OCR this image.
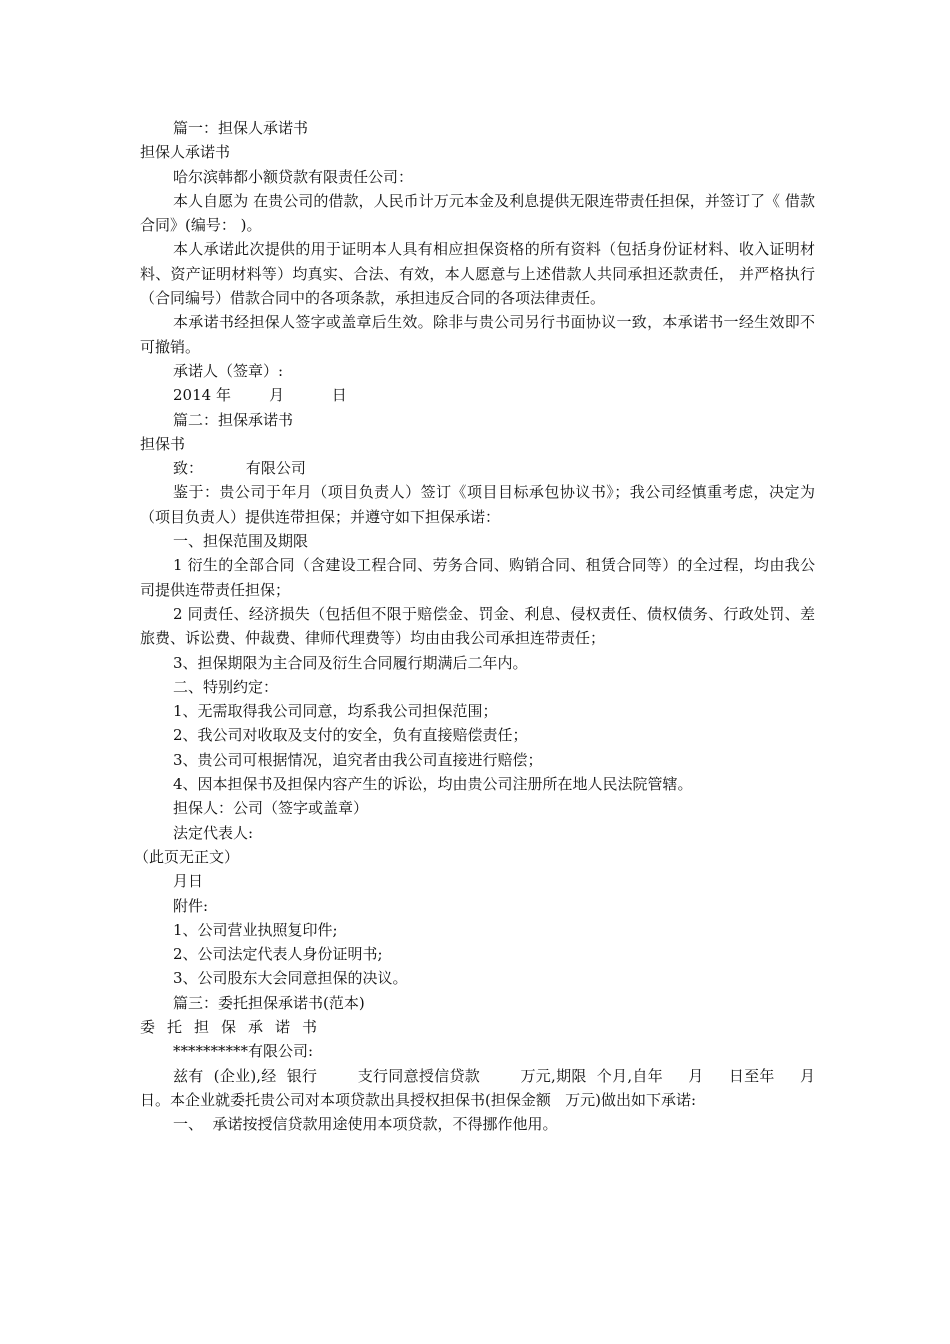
篇一：担保人承诺书
担保人承诺书
哈尔滨韩都小额贷款有限责任公司：
本人自愿为 在贵公司的借款，人民币计万元本金及利息提供无限连带责任担保，并签订了《 借款合同》(编号： )。
本人承诺此次提供的用于证明本人具有相应担保资格的所有资料（包括身份证材料、收入证明材料、资产证明材料等）均真实、合法、有效，本人愿意与上述借款人共同承担还款责任， 并严格执行 （合同编号）借款合同中的各项条款，承担违反合同的各项法律责任。
本承诺书经担保人签字或盖章后生效。除非与贵公司另行书面协议一致，本承诺书一经生效即不可撤销。
承诺人（签章）:
2014 年        月          日
篇二：担保承诺书
担保书
致：         有限公司
鉴于：贵公司于年月（项目负责人）签订《项目目标承包协议书》；我公司经慎重考虑，决定为 （项目负责人）提供连带担保；并遵守如下担保承诺：
一、担保范围及期限
1 衍生的全部合同（含建设工程合同、劳务合同、购销合同、租赁合同等）的全过程，均由我公司提供连带责任担保；
2 同责任、经济损失（包括但不限于赔偿金、罚金、利息、侵权责任、债权债务、行政处罚、差旅费、诉讼费、仲裁费、律师代理费等）均由由我公司承担连带责任；
3、担保期限为主合同及衍生合同履行期满后二年内。
二、特别约定：
1、无需取得我公司同意，均系我公司担保范围；
2、我公司对收取及支付的安全，负有直接赔偿责任；
3、贵公司可根据情况，追究者由我公司直接进行赔偿；
4、因本担保书及担保内容产生的诉讼，均由贵公司注册所在地人民法院管辖。
担保人：公司（签字或盖章）
法定代表人:
（此页无正文）
月日
附件:
1、公司营业执照复印件;
2、公司法定代表人身份证明书;
3、公司股东大会同意担保的决议。
篇三：委托担保承诺书(范本)
委托担保承诺书
**********有限公司:
兹有  (企业),经  银行        支行同意授信贷款        万元,期限  个月,自年     月     日至年     月     日。本企业就委托贵公司对本项贷款出具授权担保书(担保金额   万元)做出如下承诺:
一、  承诺按授信贷款用途使用本项贷款，不得挪作他用。
